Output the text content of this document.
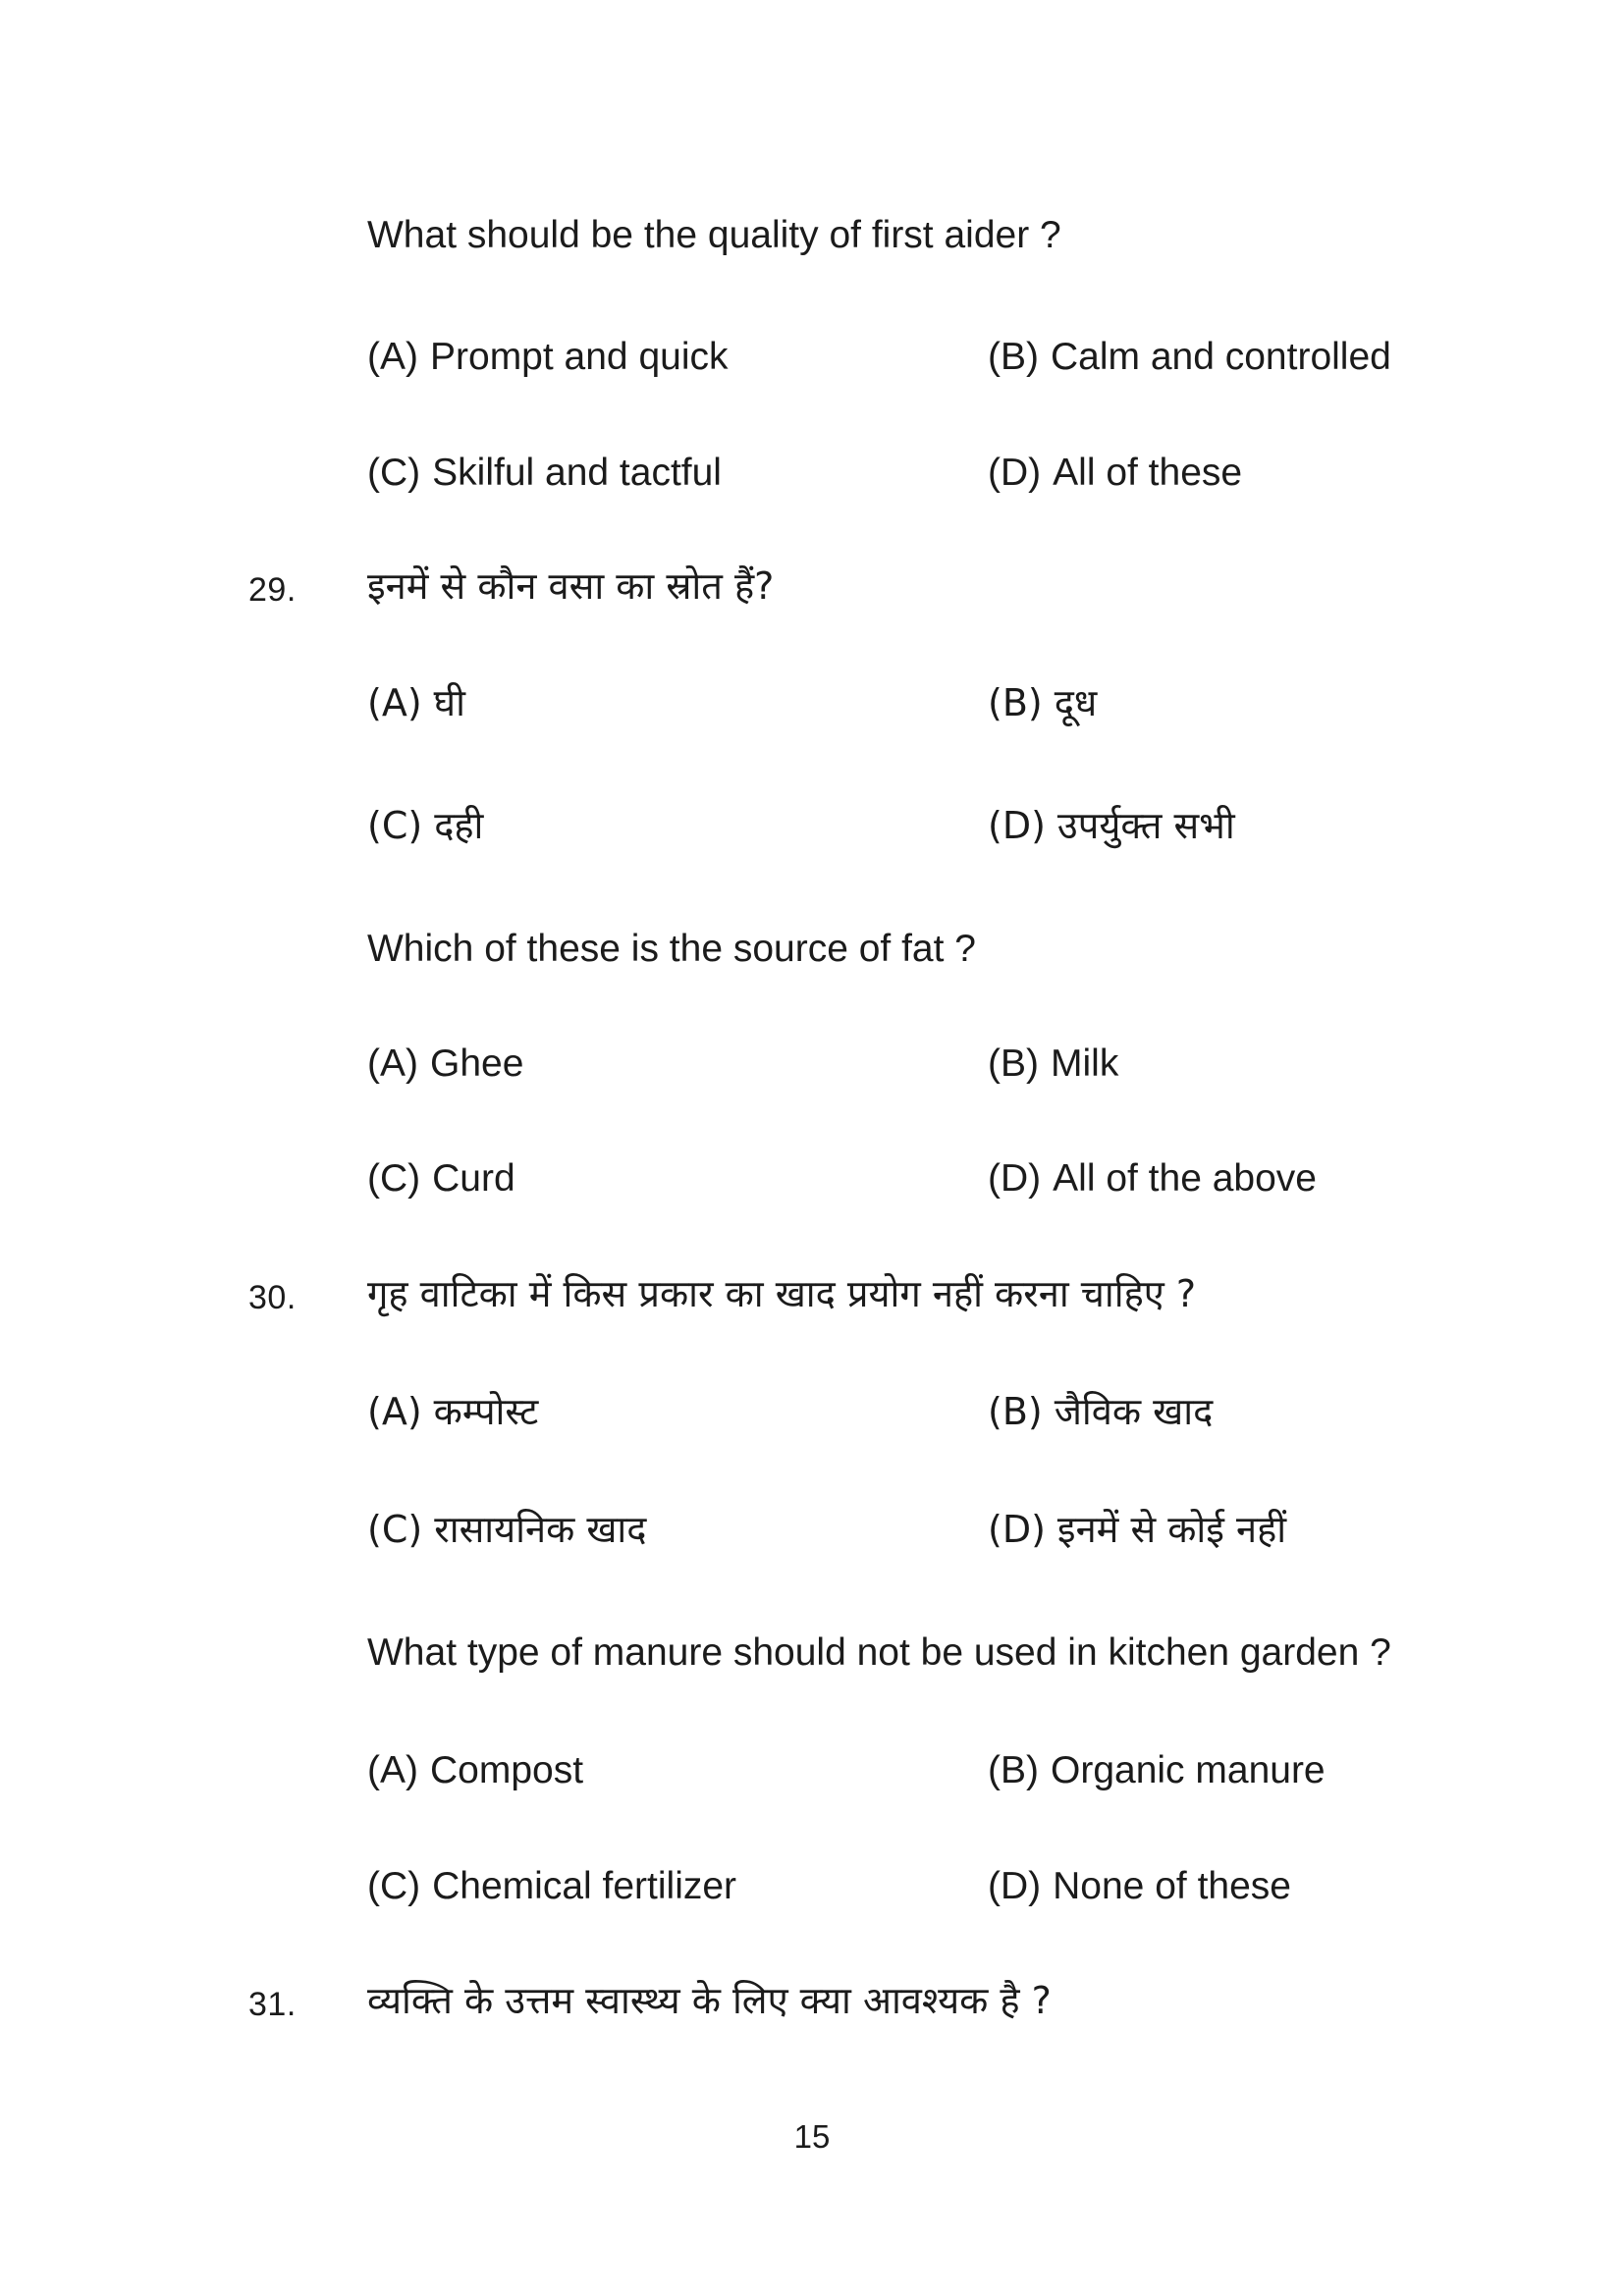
What should be the quality of first aider ?
(A) Prompt and quick	(B) Calm and controlled
(C) Skilful and tactful	(D) All of these
29. इनमें से कौन वसा का स्रोत हैं?
(A) घी	(B) दूध
(C) दही	(D) उपर्युक्त सभी
Which of these is the source of fat ?
(A) Ghee	(B) Milk
(C) Curd	(D) All of the above
30. गृह वाटिका में किस प्रकार का खाद प्रयोग नहीं करना चाहिए ?
(A) कम्पोस्ट	(B) जैविक खाद
(C) रासायनिक खाद	(D) इनमें से कोई नहीं
What type of manure should not be used in kitchen garden ?
(A) Compost	(B) Organic manure
(C) Chemical fertilizer	(D) None of these
31. व्यक्ति के उत्तम स्वास्थ्य के लिए क्या आवश्यक है ?
15
